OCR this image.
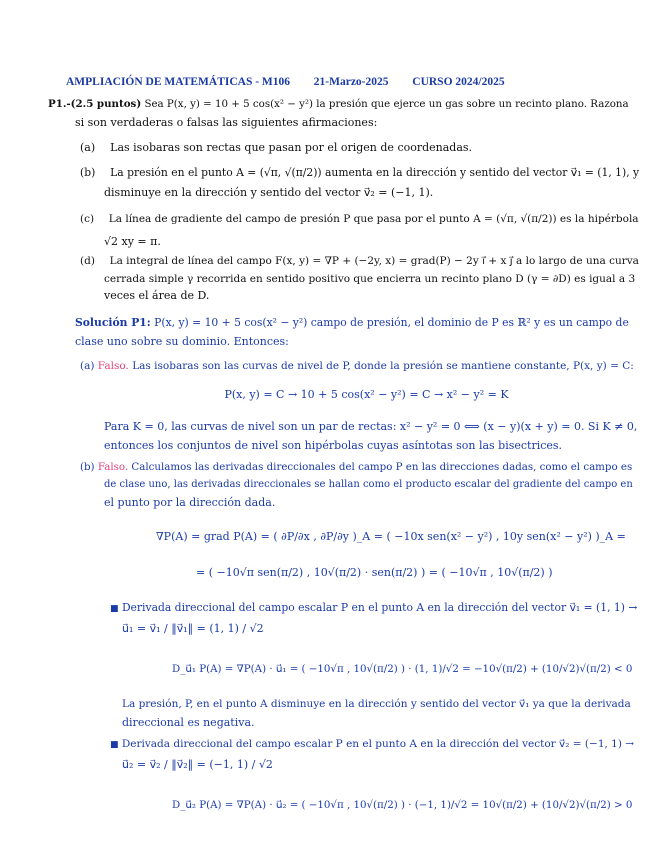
AMPLIACIÓN DE MATEMÁTICAS - M106 21-Marzo-2025 CURSO 2024/2025
P1.-(2.5 puntos) Sea P(x, y) = 10 + 5 cos(x² − y²) la presión que ejerce un gas sobre un recinto plano. Razona
si son verdaderas o falsas las siguientes afirmaciones:
(a) Las isobaras son rectas que pasan por el origen de coordenadas.
(b) La presión en el punto A = (√π, √(π/2)) aumenta en la dirección y sentido del vector v⃗₁ = (1, 1), y
disminuye en la dirección y sentido del vector v⃗₂ = (−1, 1).
(c) La línea de gradiente del campo de presión P que pasa por el punto A = (√π, √(π/2)) es la hipérbola
√2 xy = π.
(d) La integral de línea del campo F(x, y) = ∇P + (−2y, x) = grad(P) − 2y ı⃗ + x ȷ⃗ a lo largo de una curva
cerrada simple γ recorrida en sentido positivo que encierra un recinto plano D (γ = ∂D) es igual a 3
veces el área de D.
Solución P1: P(x, y) = 10 + 5 cos(x² − y²) campo de presión, el dominio de P es ℝ² y es un campo de
clase uno sobre su dominio. Entonces:
(a) Falso. Las isobaras son las curvas de nivel de P, donde la presión se mantiene constante, P(x, y) = C:
P(x, y) = C → 10 + 5 cos(x² − y²) = C → x² − y² = K
Para K = 0, las curvas de nivel son un par de rectas: x² − y² = 0 ⟺ (x − y)(x + y) = 0. Si K ≠ 0,
entonces los conjuntos de nivel son hipérbolas cuyas asíntotas son las bisectrices.
(b) Falso. Calculamos las derivadas direccionales del campo P en las direcciones dadas, como el campo es
de clase uno, las derivadas direccionales se hallan como el producto escalar del gradiente del campo en
el punto por la dirección dada.
∇P(A) = grad P(A) = ( ∂P/∂x , ∂P/∂y )_A = ( −10x sen(x² − y²) , 10y sen(x² − y²) )_A =
= ( −10√π sen(π/2) , 10√(π/2) · sen(π/2) ) = ( −10√π , 10√(π/2) )
■ Derivada direccional del campo escalar P en el punto A en la dirección del vector v⃗₁ = (1, 1) →
u⃗₁ = v⃗₁ / ‖v⃗₁‖ = (1, 1) / √2
D_u⃗₁ P(A) = ∇P(A) · u⃗₁ = ( −10√π , 10√(π/2) ) · (1, 1)/√2 = −10√(π/2) + (10/√2)√(π/2) < 0
La presión, P, en el punto A disminuye en la dirección y sentido del vector v⃗₁ ya que la derivada
direccional es negativa.
■ Derivada direccional del campo escalar P en el punto A en la dirección del vector v⃗₂ = (−1, 1) →
u⃗₂ = v⃗₂ / ‖v⃗₂‖ = (−1, 1) / √2
D_u⃗₂ P(A) = ∇P(A) · u⃗₂ = ( −10√π , 10√(π/2) ) · (−1, 1)/√2 = 10√(π/2) + (10/√2)√(π/2) > 0
